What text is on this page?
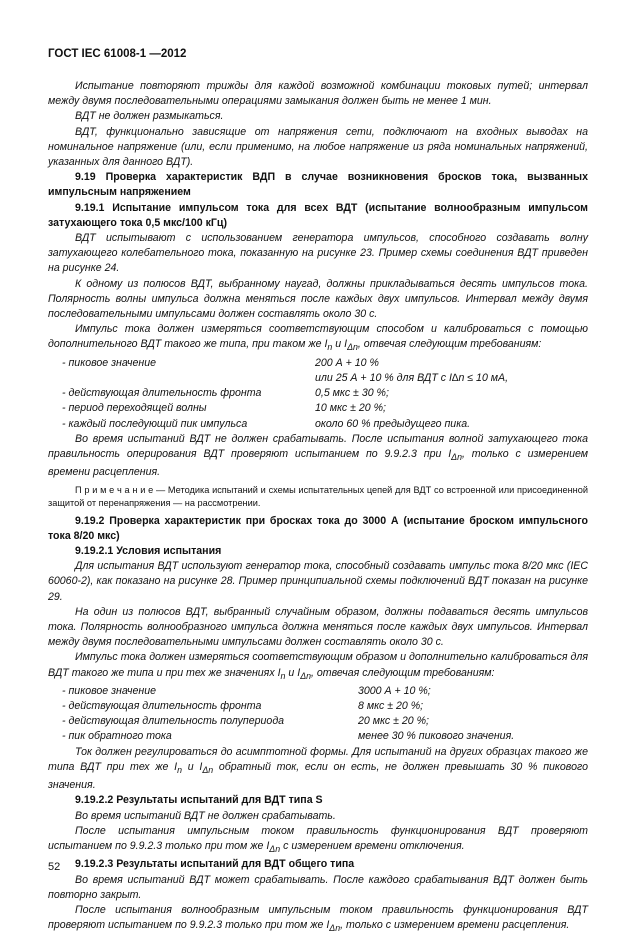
ГОСТ IEC 61008-1 —2012

Испытание повторяют трижды для каждой возможной комбинации токовых путей; интервал между двумя последовательными операциями замыкания должен быть не менее 1 мин.

ВДТ не должен размыкаться.

ВДТ, функционально зависящие от напряжения сети, подключают на входных выводах на номинальное напряжение (или, если применимо, на любое напряжение из ряда номинальных напряжений, указанных для данного ВДТ).

9.19 Проверка характеристик ВДП в случае возникновения бросков тока, вызванных импульсным напряжением

9.19.1 Испытание импульсом тока для всех ВДТ (испытание волнообразным импульсом затухающего тока 0,5 мкс/100 кГц)

ВДТ испытывают с использованием генератора импульсов, способного создавать волну затухающего колебательного тока, показанную на рисунке 23. Пример схемы соединения ВДТ приведен на рисунке 24.

К одному из полюсов ВДТ, выбранному наугад, должны прикладываться десять импульсов тока. Полярность волны импульса должна меняться после каждых двух импульсов. Интервал между двумя последовательными импульсами должен составлять около 30 с.

Импульс тока должен измеряться соответствующим способом и калиброваться с помощью дополнительного ВДТ такого же типа, при таком же $I_n$ и $I_{\Delta n}$, отвечая следующим требованиям:

- пиковое значение	200 А + 10 %
или 25 А + 10 % для ВДТ с I∆n ≤ 10 мА,
- действующая длительность фронта	0,5 мкс ± 30 %;
- период переходящей волны	10 мкс ± 20 %;
- каждый последующий пик импульса	около 60 % предыдущего пика.

Во время испытаний ВДТ не должен срабатывать. После испытания волной затухающего тока правильность оперирования ВДТ проверяют испытанием по 9.9.2.3 при $I_{\Delta n}$, только с измерением времени расцепления.

П р и м е ч а н и е — Методика испытаний и схемы испытательных цепей для ВДТ со встроенной или присоединенной защитой от перенапряжения — на рассмотрении.

9.19.2 Проверка характеристик при бросках тока до 3000 А (испытание броском импульсного тока 8/20 мкс)

9.19.2.1 Условия испытания

Для испытания ВДТ используют генератор тока, способный создавать импульс тока 8/20 мкс (IEC 60060-2), как показано на рисунке 28. Пример принципиальной схемы подключений ВДТ показан на рисунке 29.

На один из полюсов ВДТ, выбранный случайным образом, должны подаваться десять импульсов тока. Полярность волнообразного импульса должна меняться после каждых двух импульсов. Интервал между двумя последовательными импульсами должен составлять около 30 с.

Импульс тока должен измеряться соответствующим образом и дополнительно калиброваться для ВДТ такого же типа и при тех же значениях $I_n$ и $I_{\Delta n}$, отвечая следующим требованиям:

- пиковое значение	3000 А + 10 %;
- действующая длительность фронта	8 мкс ± 20 %;
- действующая длительность полупериода	20 мкс ± 20 %;
- пик обратного тока	менее 30 % пикового значения.

Ток должен регулироваться до асимптотной формы. Для испытаний на других образцах такого же типа ВДТ при тех же $I_n$ и $I_{\Delta n}$ обратный ток, если он есть, не должен превышать 30 % пикового значения.

9.19.2.2 Результаты испытаний для ВДТ типа S

Во время испытаний ВДТ не должен срабатывать.

После испытания импульсным током правильность функционирования ВДТ проверяют испытанием по 9.9.2.3 только при том же $I_{\Delta n}$ с измерением времени отключения.

9.19.2.3 Результаты испытаний для ВДТ общего типа

Во время испытаний ВДТ может срабатывать. После каждого срабатывания ВДТ должен быть повторно закрыт.

После испытания волнообразным импульсным током правильность функционирования ВДТ проверяют испытанием по 9.9.2.3 только при том же $I_{\Delta n}$, только с измерением времени расцепления.

52
